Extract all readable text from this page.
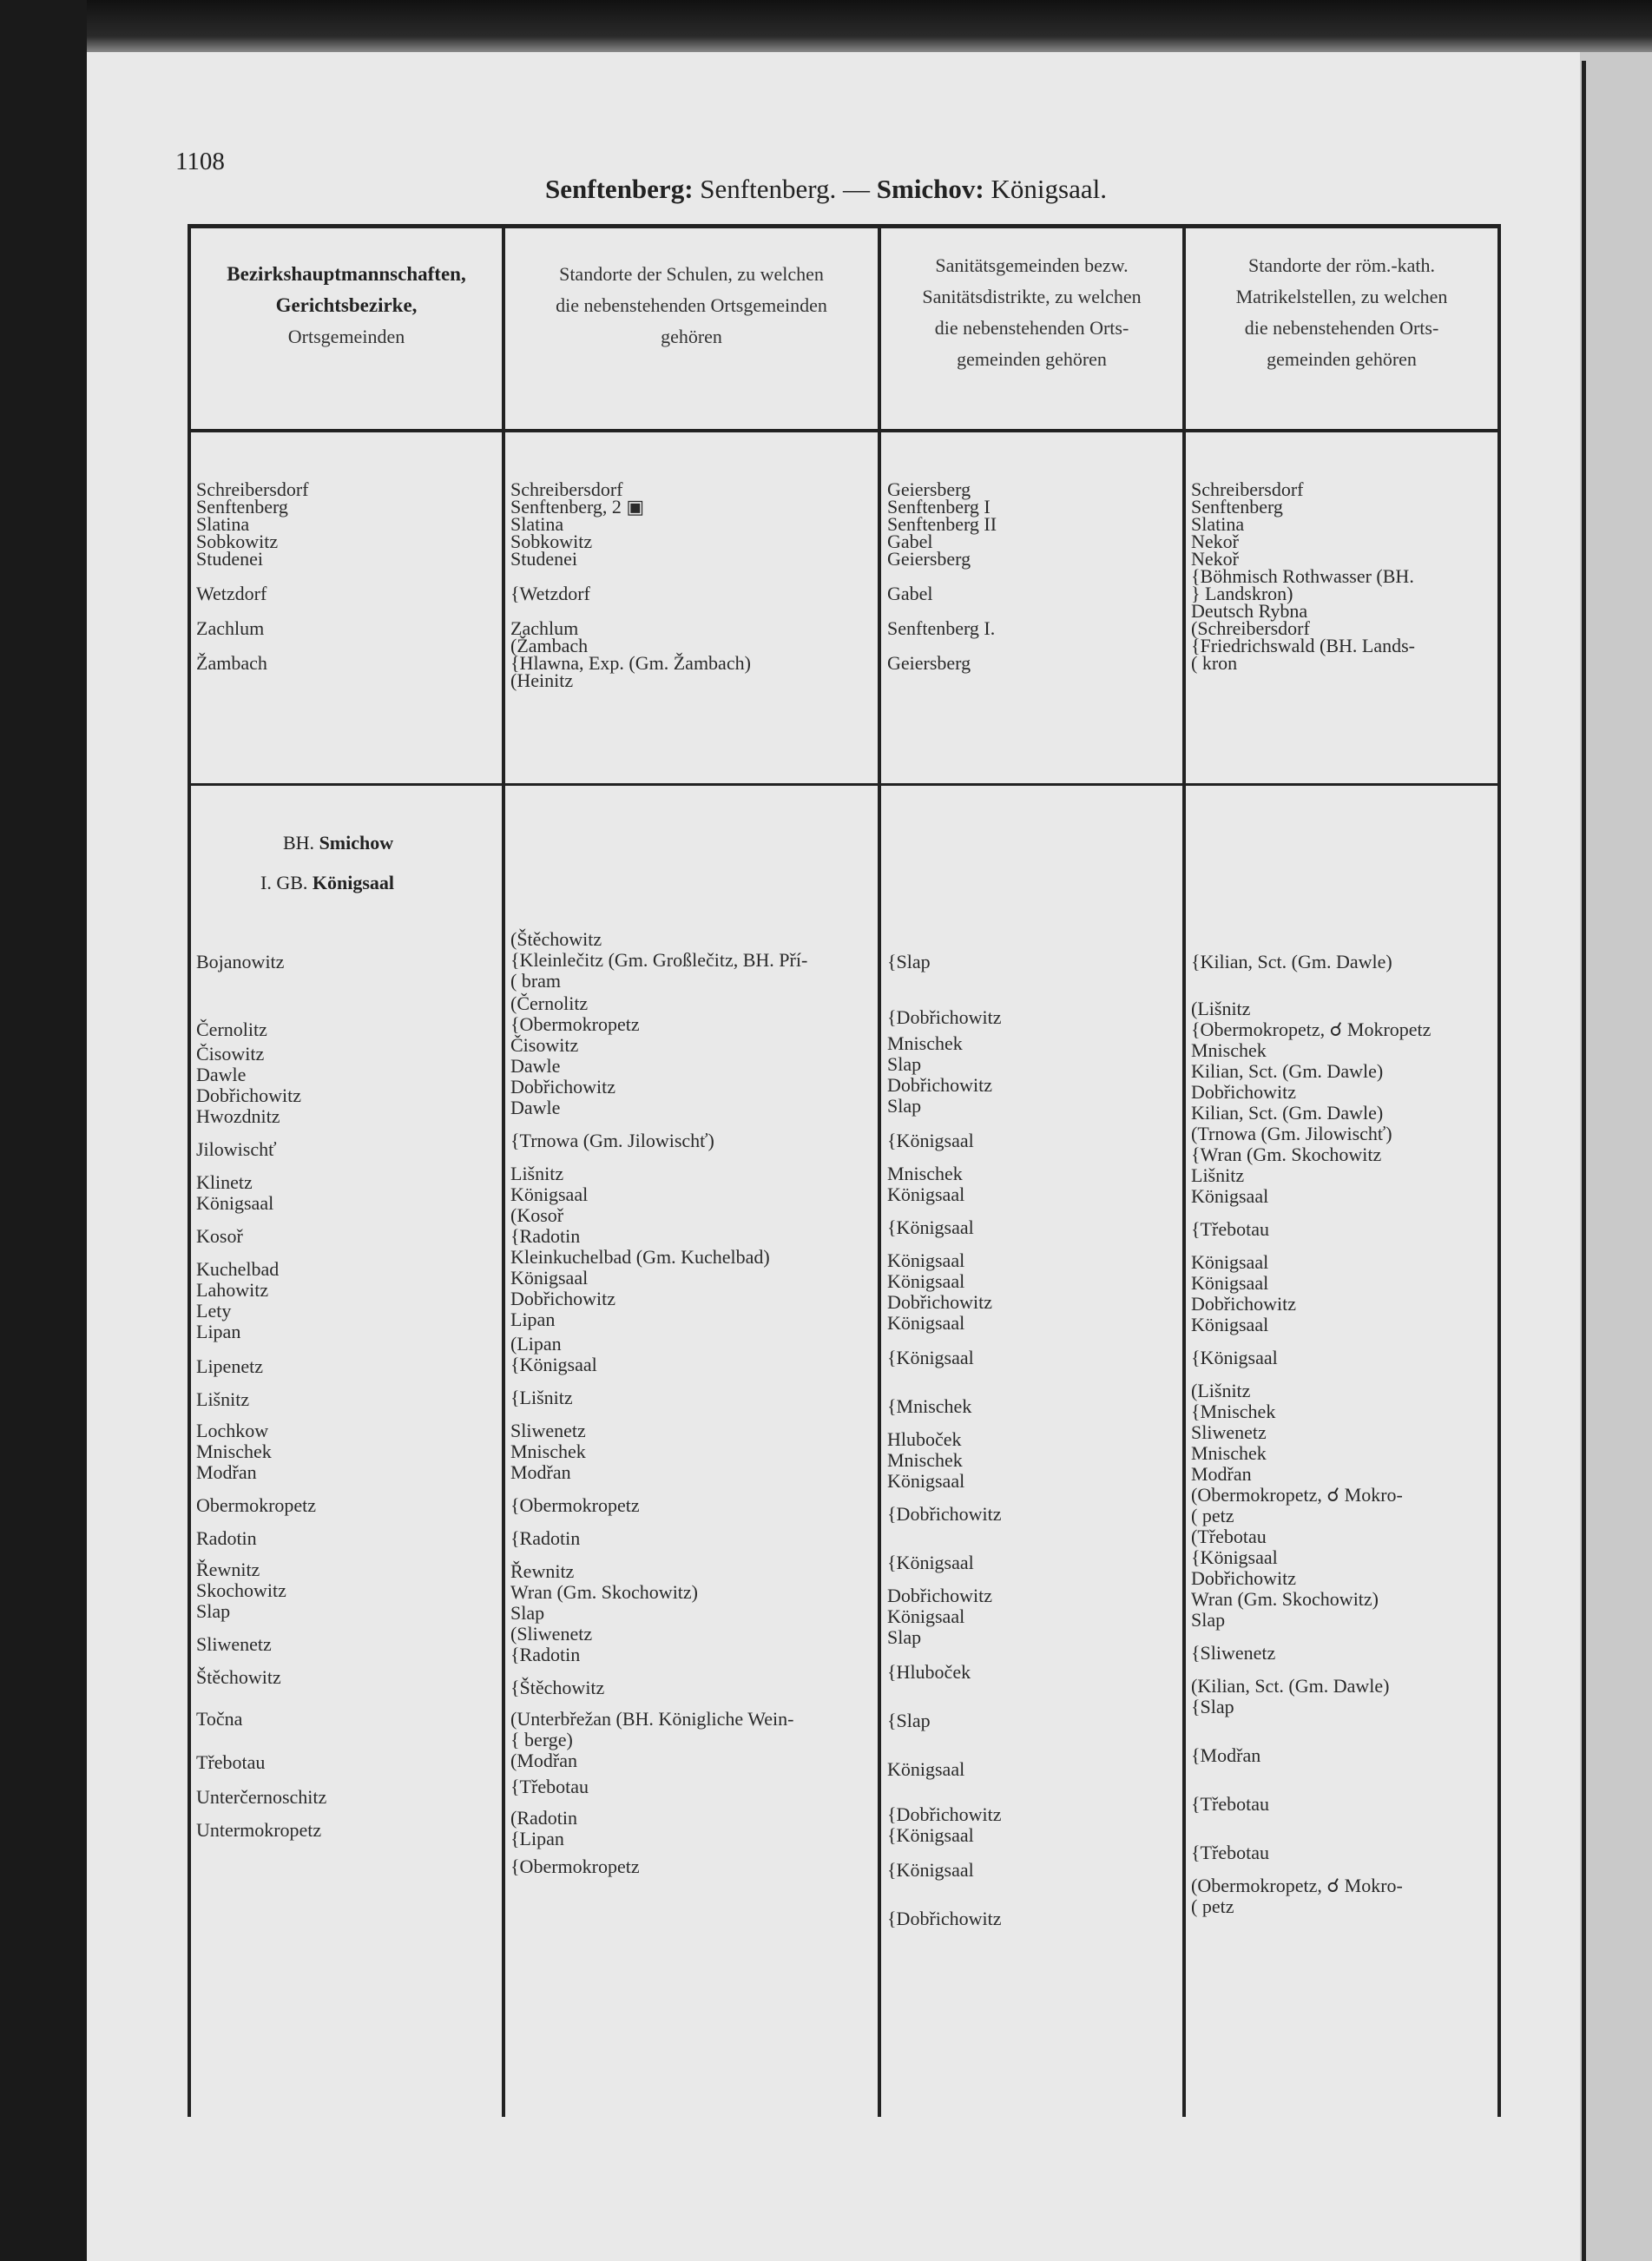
1108
Senftenberg: Senftenberg. — Smichov: Königsaal.
Bezirkshauptmannschaften,
Gerichtsbezirke,
Ortsgemeinden
Standorte der Schulen, zu welchen
die nebenstehenden Ortsgemeinden
gehören
Sanitätsgemeinden bezw.
Sanitätsdistrikte, zu welchen
die nebenstehenden Orts-
gemeinden gehören
Standorte der röm.-kath.
Matrikelstellen, zu welchen
die nebenstehenden Orts-
gemeinden gehören
Schreibersdorf
Senftenberg
Slatina
Sobkowitz
Studenei
Wetzdorf
Zachlum
Žambach
Schreibersdorf
Senftenberg, 2 ▣
Slatina
Sobkowitz
Studenei
{Wetzdorf
Zachlum
(Žambach
{Hlawna, Exp. (Gm. Žambach)
(Heinitz
Geiersberg
Senftenberg I
Senftenberg II
Gabel
Geiersberg
Gabel
Senftenberg I.
Geiersberg
Schreibersdorf
Senftenberg
Slatina
Nekoř
Nekoř
{Böhmisch Rothwasser (BH.
} Landskron)
Deutsch Rybna
(Schreibersdorf
{Friedrichswald (BH. Lands-
( kron
BH. Smichow
I. GB. Königsaal
Bojanowitz
Černolitz
Čisowitz
Dawle
Dobřichowitz
Hwozdnitz
Jilowischť
Klinetz
Königsaal
Kosoř
Kuchelbad
Lahowitz
Lety
Lipan
Lipenetz
Lišnitz
Lochkow
Mnischek
Modřan
Obermokropetz
Radotin
Řewnitz
Skochowitz
Slap
Sliwenetz
Štěchowitz
Točna
Třebotau
Unterčernoschitz
Untermokropetz
(Štěchowitz
{Kleinlečitz (Gm. Großlečitz, BH. Pří-
( bram
(Černolitz
{Obermokropetz
Čisowitz
Dawle
Dobřichowitz
Dawle
{Trnowa (Gm. Jilowischť)
Lišnitz
Königsaal
(Kosoř
{Radotin
Kleinkuchelbad (Gm. Kuchelbad)
Königsaal
Dobřichowitz
Lipan
(Lipan
{Königsaal
{Lišnitz
Sliwenetz
Mnischek
Modřan
{Obermokropetz
{Radotin
Řewnitz
Wran (Gm. Skochowitz)
Slap
(Sliwenetz
{Radotin
{Štěchowitz
(Unterbřežan (BH. Königliche Wein-
{ berge)
(Modřan
{Třebotau
(Radotin
{Lipan
{Obermokropetz
{Slap
{Dobřichowitz
Mnischek
Slap
Dobřichowitz
Slap
{Königsaal
Mnischek
Königsaal
{Königsaal
Königsaal
Königsaal
Dobřichowitz
Königsaal
{Königsaal
{Mnischek
Hluboček
Mnischek
Königsaal
{Dobřichowitz
{Königsaal
Dobřichowitz
Königsaal
Slap
{Hluboček
{Slap
Königsaal
{Dobřichowitz
{Königsaal
{Königsaal
{Dobřichowitz
{Kilian, Sct. (Gm. Dawle)
(Lišnitz
{Obermokropetz, ☌ Mokropetz
Mnischek
Kilian, Sct. (Gm. Dawle)
Dobřichowitz
Kilian, Sct. (Gm. Dawle)
(Trnowa (Gm. Jilowischť)
{Wran (Gm. Skochowitz
Lišnitz
Königsaal
{Třebotau
Königsaal
Königsaal
Dobřichowitz
Königsaal
{Königsaal
(Lišnitz
{Mnischek
Sliwenetz
Mnischek
Modřan
(Obermokropetz, ☌ Mokro-
( petz
(Třebotau
{Königsaal
Dobřichowitz
Wran (Gm. Skochowitz)
Slap
{Sliwenetz
(Kilian, Sct. (Gm. Dawle)
{Slap
{Modřan
{Třebotau
{Třebotau
(Obermokropetz, ☌ Mokro-
( petz
